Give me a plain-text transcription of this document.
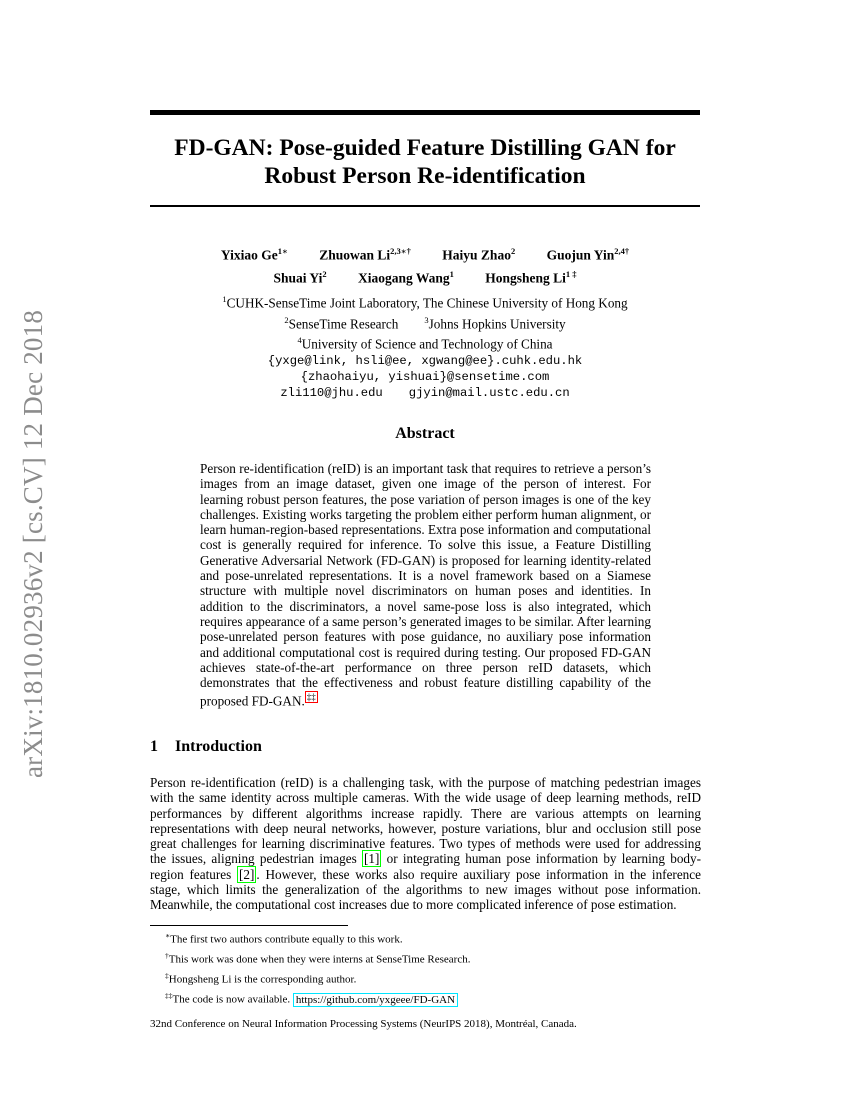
arXiv:1810.02936v2 [cs.CV] 12 Dec 2018
FD-GAN: Pose-guided Feature Distilling GAN for
Robust Person Re-identification
Yixiao $Ge^{1∗}$ Zhuowan $Li^{2,3∗\dagger}$ Haiyu Zhao$^2$ Guojun Yin$^{2,4\dagger}$
Shuai Yi$^2$ Xiaogang Wang$^1$ Hongsheng $Li^{1 \ddagger}$
$^1$CUHK-SenseTime Joint Laboratory, The Chinese University of Hong Kong
$^2$SenseTime Research	$^3$Johns Hopkins University
$^4$University of Science and Technology of China
{yxge@link, hsli@ee, xgwang@ee}.cuhk.edu.hk
{zhaohaiyu, yishuai}@sensetime.com
zli110@jhu.edu gjyin@mail.ustc.edu.cn
Abstract
Person re-identification (reID) is an important task that requires to retrieve a person’s images from an image dataset, given one image of the person of interest. For learning robust person features, the pose variation of person images is one of the key challenges. Existing works targeting the problem either perform human alignment, or learn human-region-based representations. Extra pose information and computational cost is generally required for inference. To solve this issue, a Feature Distilling Generative Adversarial Network (FD-GAN) is proposed for learning identity-related and pose-unrelated representations. It is a novel framework based on a Siamese structure with multiple novel discriminators on human poses and identities. In addition to the discriminators, a novel same-pose loss is also integrated, which requires appearance of a same person’s generated images to be similar. After learning pose-unrelated person features with pose guidance, no auxiliary pose information and additional computational cost is required during testing. Our proposed FD-GAN achieves state-of-the-art performance on three person reID datasets, which demonstrates that the effectiveness and robust feature distilling capability of the proposed FD-GAN. ‡‡
1 Introduction
Person re-identification (reID) is a challenging task, with the purpose of matching pedestrian images with the same identity across multiple cameras. With the wide usage of deep learning methods, reID performances by different algorithms increase rapidly. There are various attempts on learning representations with deep neural networks, however, posture variations, blur and occlusion still pose great challenges for learning discriminative features. Two types of methods were used for addressing the issues, aligning pedestrian images [1] or integrating human pose information by learning body-region features [2] . However, these works also require auxiliary pose information in the inference stage, which limits the generalization of the algorithms to new images without pose information. Meanwhile, the computational cost increases due to more complicated inference of pose estimation.
∗The first two authors contribute equally to this work.
†This work was done when they were interns at SenseTime Research.
‡Hongsheng Li is the corresponding author.
‡‡The code is now available. https://github.com/yxgeee/FD-GAN
32nd Conference on Neural Information Processing Systems (NeurIPS 2018), Montréal, Canada.
